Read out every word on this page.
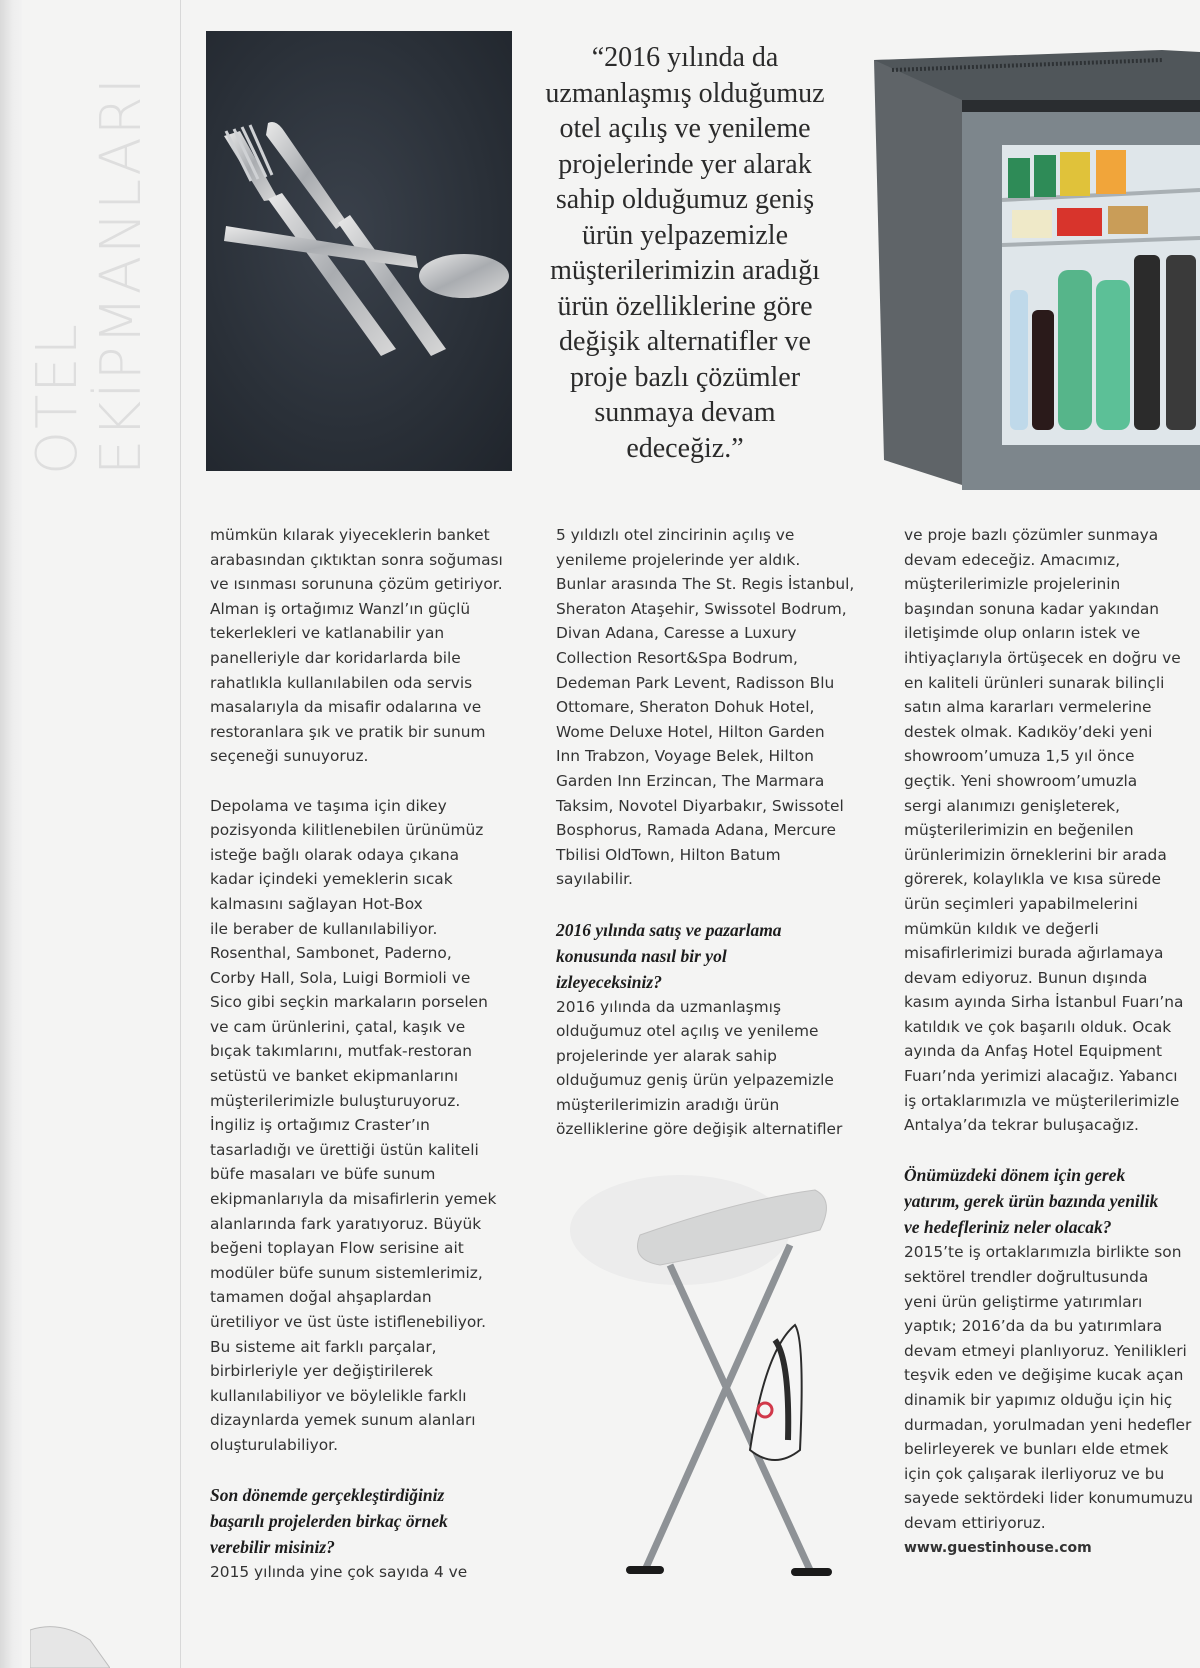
OTEL EKİPMANLARI
“2016 yılında da
uzmanlaşmış olduğumuz
otel açılış ve yenileme
projelerinde yer alarak
sahip olduğumuz geniş
ürün yelpazemizle
müşterilerimizin aradığı
ürün özelliklerine göre
değişik alternatifler ve
proje bazlı çözümler
sunmaya devam
edeceğiz.”

mümkün kılarak yiyeceklerin banket

arabasından çıktıktan sonra soğuması

ve ısınması sorununa çözüm getiriyor.

Alman iş ortağımız Wanzl’ın güçlü

tekerlekleri ve katlanabilir yan

panelleriyle dar koridarlarda bile

rahatlıkla kullanılabilen oda servis

masalarıyla da misafir odalarına ve

restoranlara şık ve pratik bir sunum

seçeneği sunuyoruz.

Depolama ve taşıma için dikey

pozisyonda kilitlenebilen ürünümüz

isteğe bağlı olarak odaya çıkana

kadar içindeki yemeklerin sıcak

kalmasını sağlayan Hot-Box

ile beraber de kullanılabiliyor.

Rosenthal, Sambonet, Paderno,

Corby Hall, Sola, Luigi Bormioli ve

Sico gibi seçkin markaların porselen

ve cam ürünlerini, çatal, kaşık ve

bıçak takımlarını, mutfak-restoran

setüstü ve banket ekipmanlarını

müşterilerimizle buluşturuyoruz.

İngiliz iş ortağımız Craster’ın

tasarladığı ve ürettiği üstün kaliteli

büfe masaları ve büfe sunum

ekipmanlarıyla da misafirlerin yemek

alanlarında fark yaratıyoruz. Büyük

beğeni toplayan Flow serisine ait

modüler büfe sunum sistemlerimiz,

tamamen doğal ahşaplardan

üretiliyor ve üst üste istiflenebiliyor.

Bu sisteme ait farklı parçalar,

birbirleriyle yer değiştirilerek

kullanılabiliyor ve böylelikle farklı

dizaynlarda yemek sunum alanları

oluşturulabiliyor.

Son dönemde gerçekleştirdiğiniz

başarılı projelerden birkaç örnek

verebilir misiniz?

2015 yılında yine çok sayıda 4 ve

5 yıldızlı otel zincirinin açılış ve

yenileme projelerinde yer aldık.

Bunlar arasında The St. Regis İstanbul,

Sheraton Ataşehir, Swissotel Bodrum,

Divan Adana, Caresse a Luxury

Collection Resort&Spa Bodrum,

Dedeman Park Levent, Radisson Blu

Ottomare, Sheraton Dohuk Hotel,

Wome Deluxe Hotel, Hilton Garden

Inn Trabzon, Voyage Belek, Hilton

Garden Inn Erzincan, The Marmara

Taksim, Novotel Diyarbakır, Swissotel

Bosphorus, Ramada Adana, Mercure

Tbilisi OldTown, Hilton Batum

sayılabilir.

2016 yılında satış ve pazarlama

konusunda nasıl bir yol

izleyeceksiniz?

2016 yılında da uzmanlaşmış

olduğumuz otel açılış ve yenileme

projelerinde yer alarak sahip

olduğumuz geniş ürün yelpazemizle

müşterilerimizin aradığı ürün

özelliklerine göre değişik alternatifler

ve proje bazlı çözümler sunmaya

devam edeceğiz. Amacımız,

müşterilerimizle projelerinin

başından sonuna kadar yakından

iletişimde olup onların istek ve

ihtiyaçlarıyla örtüşecek en doğru ve

en kaliteli ürünleri sunarak bilinçli

satın alma kararları vermelerine

destek olmak. Kadıköy’deki yeni

showroom’umuza 1,5 yıl önce

geçtik. Yeni showroom’umuzla

sergi alanımızı genişleterek,

müşterilerimizin en beğenilen

ürünlerimizin örneklerini bir arada

görerek, kolaylıkla ve kısa sürede

ürün seçimleri yapabilmelerini

mümkün kıldık ve değerli

misafirlerimizi burada ağırlamaya

devam ediyoruz. Bunun dışında

kasım ayında Sirha İstanbul Fuarı’na

katıldık ve çok başarılı olduk. Ocak

ayında da Anfaş Hotel Equipment

Fuarı’nda yerimizi alacağız. Yabancı

iş ortaklarımızla ve müşterilerimizle

Antalya’da tekrar buluşacağız.

Önümüzdeki dönem için gerek

yatırım, gerek ürün bazında yenilik

ve hedefleriniz neler olacak?

2015’te iş ortaklarımızla birlikte son

sektörel trendler doğrultusunda

yeni ürün geliştirme yatırımları

yaptık; 2016’da da bu yatırımlara

devam etmeyi planlıyoruz. Yenilikleri

teşvik eden ve değişime kucak açan

dinamik bir yapımız olduğu için hiç

durmadan, yorulmadan yeni hedefler

belirleyerek ve bunları elde etmek

için çok çalışarak ilerliyoruz ve bu

sayede sektördeki lider konumumuzu

devam ettiriyoruz.

www.guestinhouse.com
